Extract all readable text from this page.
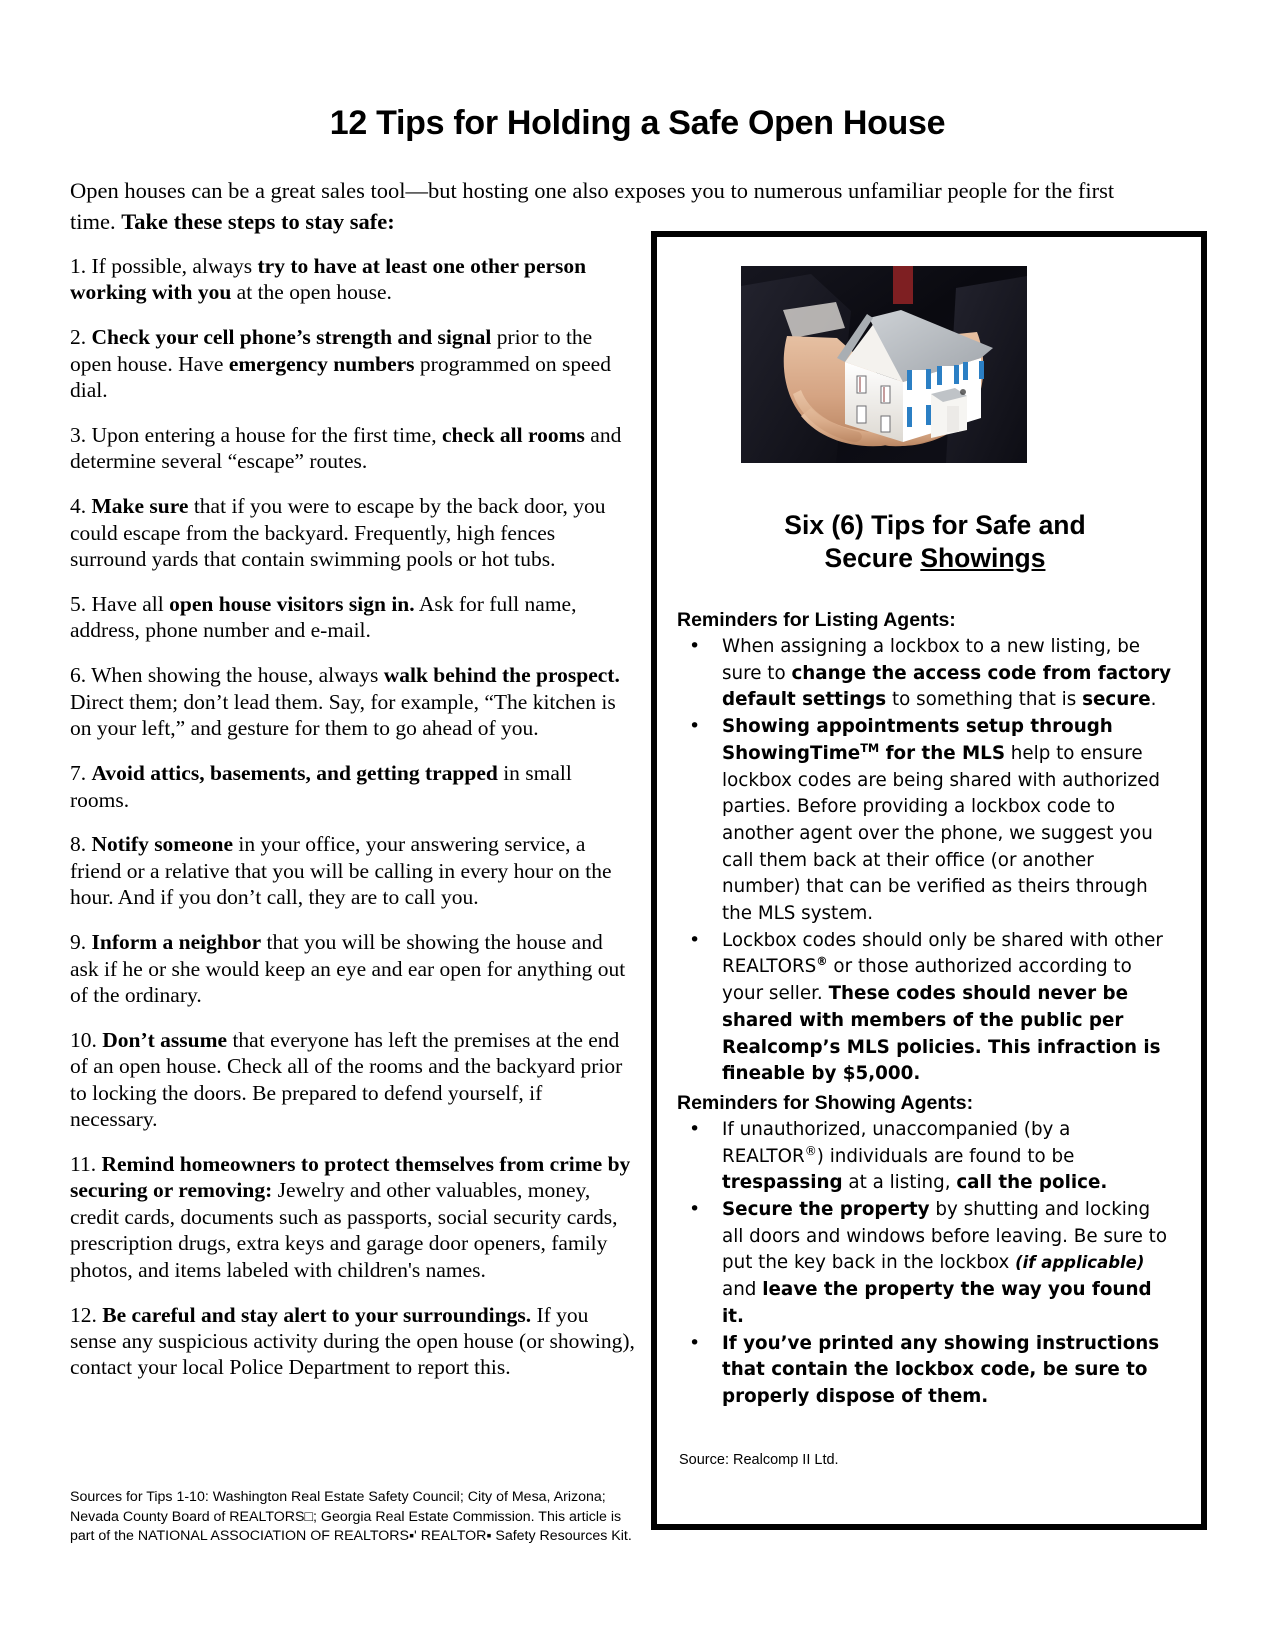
12 Tips for Holding a Safe Open House
Open houses can be a great sales tool—but hosting one also exposes you to numerous unfamiliar people for the first time. Take these steps to stay safe:

1. If possible, always try to have at least one other person working with you at the open house.

2. Check your cell phone’s strength and signal prior to the open house. Have emergency numbers programmed on speed dial.

3. Upon entering a house for the first time, check all rooms and determine several “escape” routes.

4. Make sure that if you were to escape by the back door, you could escape from the backyard. Frequently, high fences surround yards that contain swimming pools or hot tubs.

5. Have all open house visitors sign in. Ask for full name, address, phone number and e-mail.

6. When showing the house, always walk behind the prospect. Direct them; don’t lead them. Say, for example, “The kitchen is on your left,” and gesture for them to go ahead of you.

7. Avoid attics, basements, and getting trapped in small rooms.

8. Notify someone in your office, your answering service, a friend or a relative that you will be calling in every hour on the hour. And if you don’t call, they are to call you.

9. Inform a neighbor that you will be showing the house and ask if he or she would keep an eye and ear open for anything out of the ordinary.

10. Don’t assume that everyone has left the premises at the end of an open house. Check all of the rooms and the backyard prior to locking the doors. Be prepared to defend yourself, if necessary.

11. Remind homeowners to protect themselves from crime by securing or removing: Jewelry and other valuables, money, credit cards, documents such as passports, social security cards, prescription drugs, extra keys and garage door openers, family photos, and items labeled with children's names.

12. Be careful and stay alert to your surroundings. If you sense any suspicious activity during the open house (or showing), contact your local Police Department to report this.

Sources for Tips 1-10: Washington Real Estate Safety Council; City of Mesa, Arizona; Nevada County Board of REALTORS□; Georgia Real Estate Commission. This article is part of the NATIONAL ASSOCIATION OF REALTORS▪' REALTOR▪ Safety Resources Kit.
Six (6) Tips for Safe and
Secure Showings
Reminders for Listing Agents:
• When assigning a lockbox to a new listing, be sure to change the access code from factory default settings to something that is secure.
• Showing appointments setup through ShowingTime™ for the MLS help to ensure lockbox codes are being shared with authorized parties. Before providing a lockbox code to another agent over the phone, we suggest you call them back at their office (or another number) that can be verified as theirs through the MLS system.
• Lockbox codes should only be shared with other REALTORS® or those authorized according to your seller. These codes should never be shared with members of the public per Realcomp’s MLS policies. This infraction is fineable by $5,000.
Reminders for Showing Agents:
• If unauthorized, unaccompanied (by a REALTOR®) individuals are found to be trespassing at a listing, call the police.
• Secure the property by shutting and locking all doors and windows before leaving. Be sure to put the key back in the lockbox (if applicable) and leave the property the way you found it.
• If you’ve printed any showing instructions that contain the lockbox code, be sure to properly dispose of them.
Source: Realcomp II Ltd.
